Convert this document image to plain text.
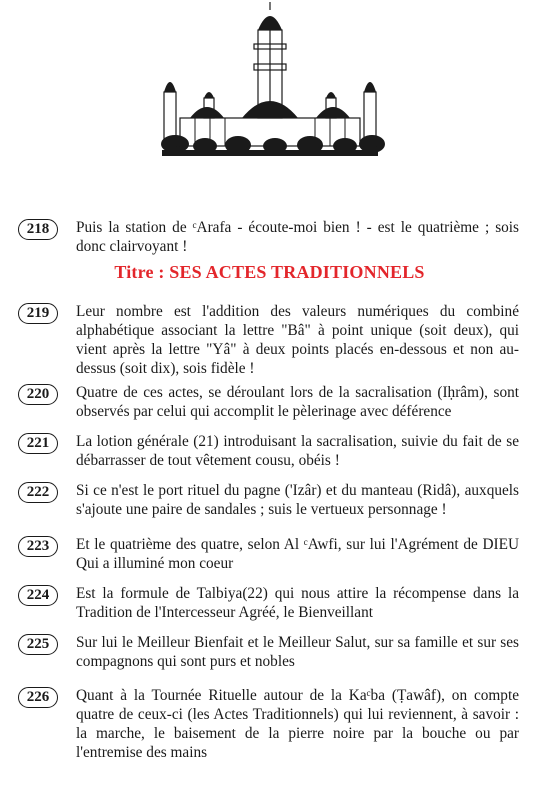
218	Puis la station de ᶜArafa - écoute-moi bien ! - est le quatrième ; sois donc clairvoyant !
Titre : SES ACTES TRADITIONNELS
219	Leur nombre est l'addition des valeurs numériques du combiné alphabétique associant la lettre "Bâ" à point unique (soit deux), qui vient après la lettre "Yâ" à deux points placés en-dessous et non au-dessus (soit dix), sois fidèle !
220	Quatre de ces actes, se déroulant lors de la sacralisation (Iḥrâm), sont observés par celui qui accomplit le pèlerinage avec déférence
221	La lotion générale (21) introduisant la sacralisation, suivie du fait de se débarrasser de tout vêtement cousu, obéis !
222	Si ce n'est le port rituel du pagne ('Izâr) et du manteau (Ridâ), auxquels s'ajoute une paire de sandales ; suis le vertueux personnage !
223	Et le quatrième des quatre, selon Al ᶜAwfi, sur lui l'Agrément de DIEU Qui a illuminé mon coeur
224	Est la formule de Talbiya(22) qui nous attire la récompense dans la Tradition de l'Intercesseur Agréé, le Bienveillant
225	Sur lui le Meilleur Bienfait et le Meilleur Salut, sur sa famille et sur ses compagnons qui sont purs et nobles
226	Quant à la Tournée Rituelle autour de la Kaᶜba (Ṭawâf), on compte quatre de ceux-ci (les Actes Traditionnels) qui lui reviennent, à savoir : la marche, le baisement de la pierre noire par la bouche ou par l'entremise des mains
